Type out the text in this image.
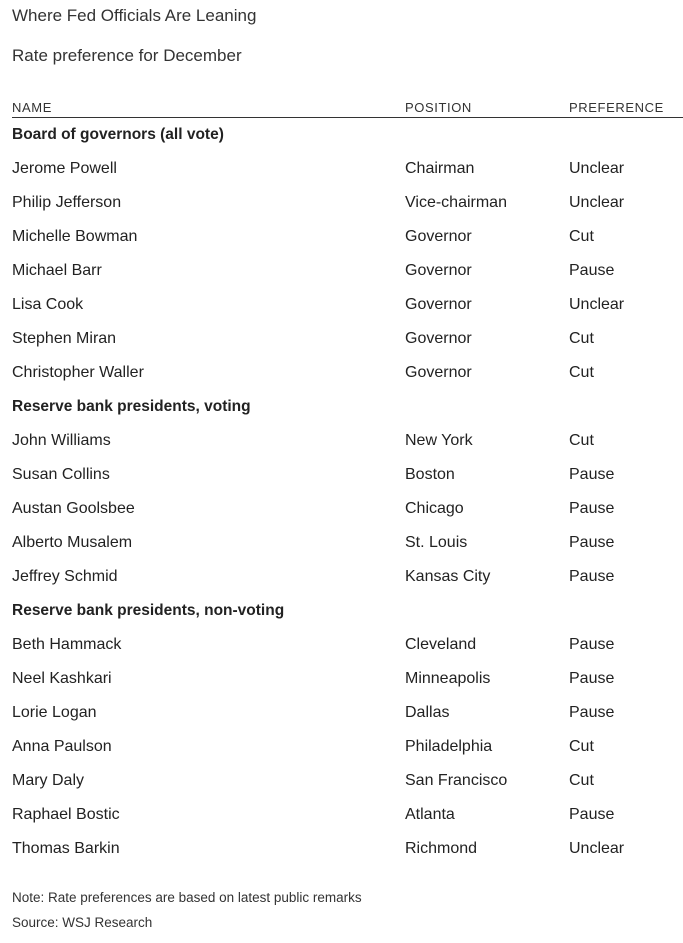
Where Fed Officials Are Leaning
Rate preference for December
NAME	POSITION	PREFERENCE
Board of governors (all vote)
Jerome Powell	Chairman	Unclear
Philip Jefferson	Vice-chairman	Unclear
Michelle Bowman	Governor	Cut
Michael Barr	Governor	Pause
Lisa Cook	Governor	Unclear
Stephen Miran	Governor	Cut
Christopher Waller	Governor	Cut
Reserve bank presidents, voting
John Williams	New York	Cut
Susan Collins	Boston	Pause
Austan Goolsbee	Chicago	Pause
Alberto Musalem	St. Louis	Pause
Jeffrey Schmid	Kansas City	Pause
Reserve bank presidents, non-voting
Beth Hammack	Cleveland	Pause
Neel Kashkari	Minneapolis	Pause
Lorie Logan	Dallas	Pause
Anna Paulson	Philadelphia	Cut
Mary Daly	San Francisco	Cut
Raphael Bostic	Atlanta	Pause
Thomas Barkin	Richmond	Unclear
Note: Rate preferences are based on latest public remarks
Source: WSJ Research
